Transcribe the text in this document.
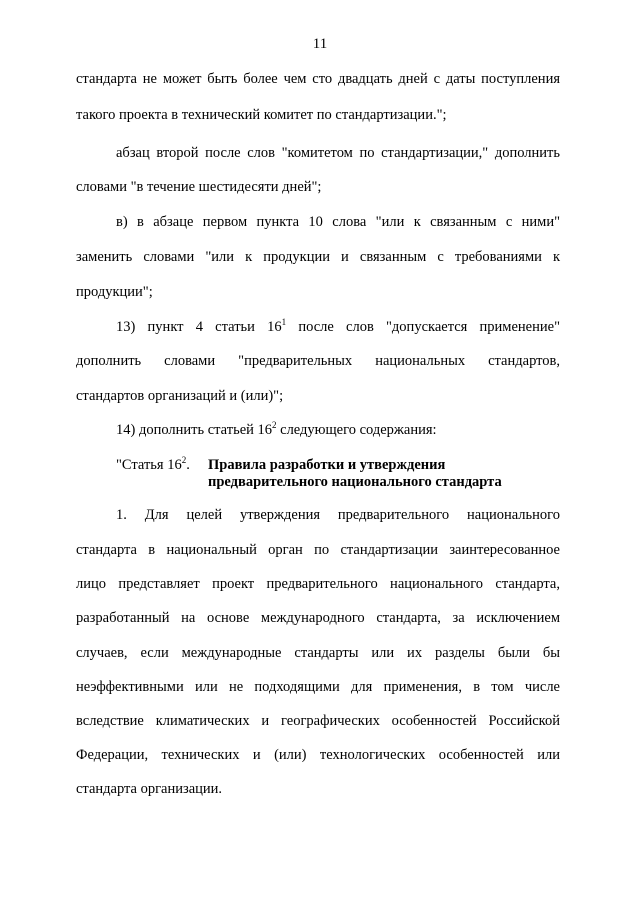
11
стандарта не может быть более чем сто двадцать дней с даты поступления
такого проекта в технический комитет по стандартизации.";
абзац второй после слов "комитетом по стандартизации," дополнить
словами "в течение шестидесяти дней";
в) в абзаце первом пункта 10 слова "или к связанным с ними"
заменить словами "или к продукции и связанным с требованиями к
продукции";
13) пункт 4 статьи $16^1$ после слов "допускается применение"
дополнить словами "предварительных национальных стандартов,
стандартов организаций и (или)";
14) дополнить статьей $16^2$ следующего содержания:
"Статья $16^2$. Правила разработки и утверждения
предварительного национального стандарта
1. Для целей утверждения предварительного национального
стандарта в национальный орган по стандартизации заинтересованное
лицо представляет проект предварительного национального стандарта,
разработанный на основе международного стандарта, за исключением
случаев, если международные стандарты или их разделы были бы
неэффективными или не подходящими для применения, в том числе
вследствие климатических и географических особенностей Российской
Федерации, технических и (или) технологических особенностей или
стандарта организации.
